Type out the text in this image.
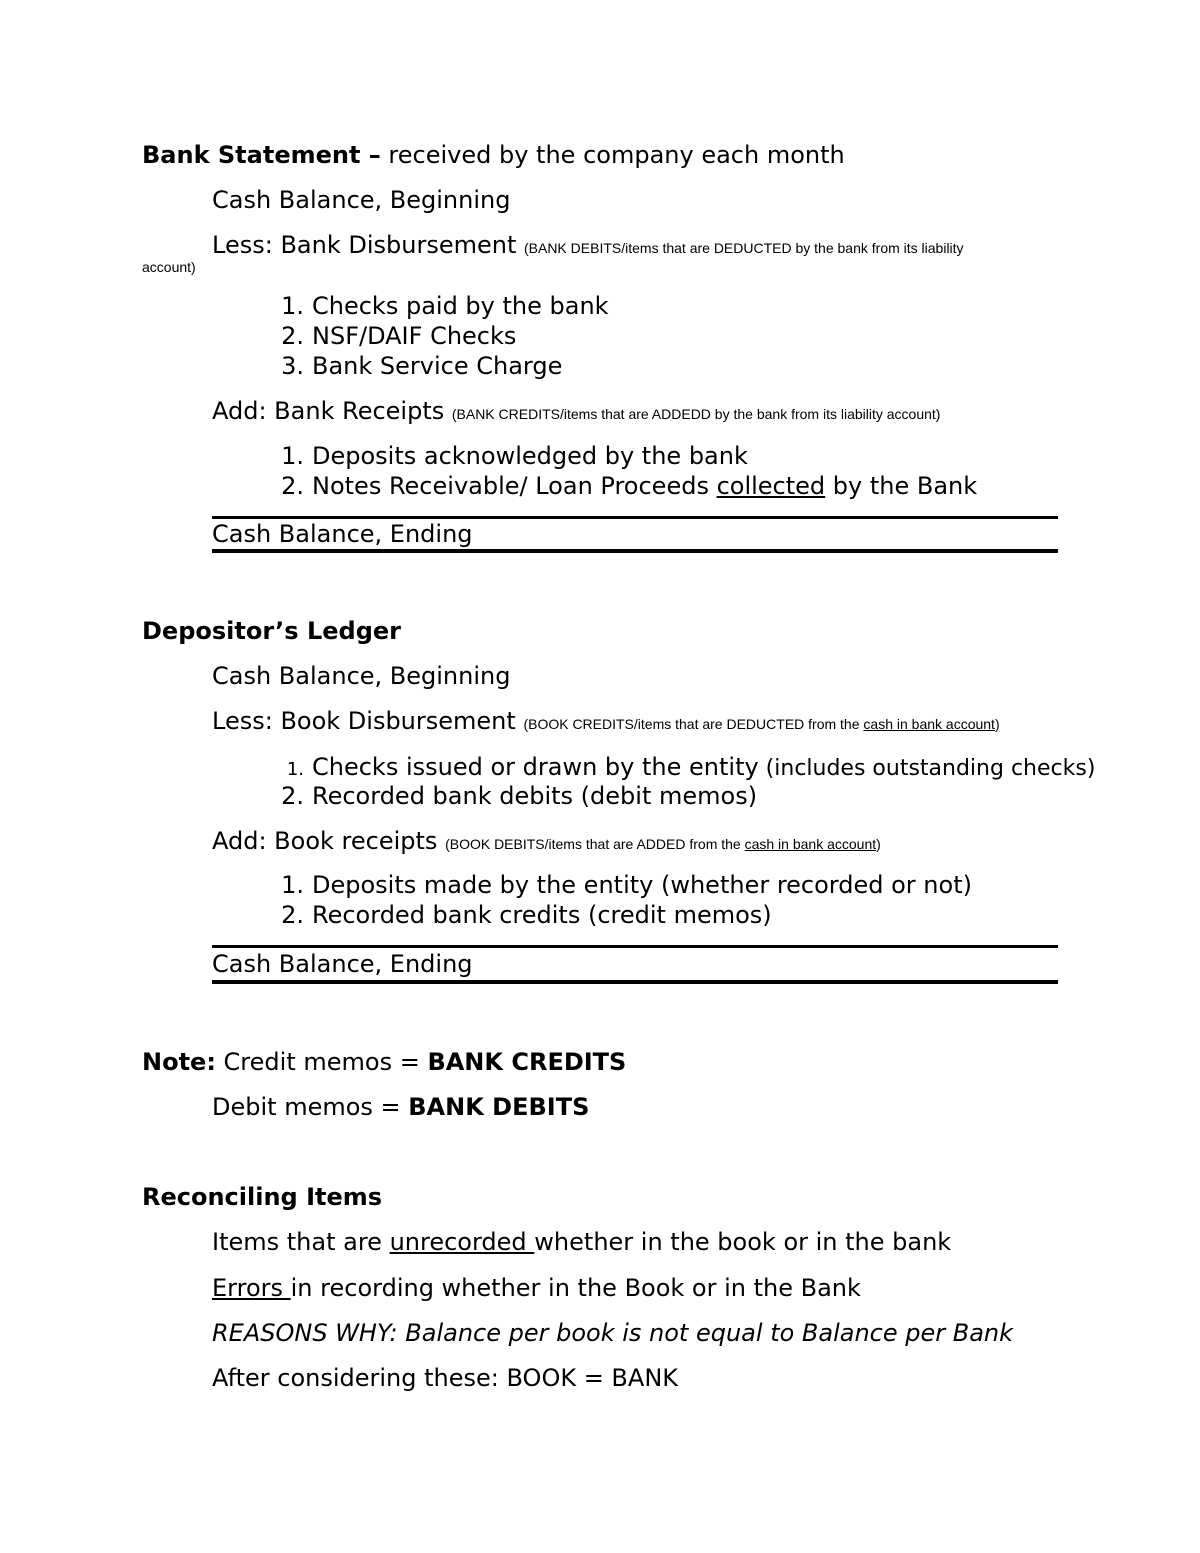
Bank Statement – received by the company each month
Cash Balance, Beginning
Less: Bank Disbursement (BANK DEBITS/items that are DEDUCTED by the bank from its liability
account)
1. Checks paid by the bank
2. NSF/DAIF Checks
3. Bank Service Charge
Add: Bank Receipts (BANK CREDITS/items that are ADDEDD by the bank from its liability account)
1. Deposits acknowledged by the bank
2. Notes Receivable/ Loan Proceeds collected by the Bank
Cash Balance, Ending
Depositor’s Ledger
Cash Balance, Beginning
Less: Book Disbursement (BOOK CREDITS/items that are DEDUCTED from the cash in bank account)
1. Checks issued or drawn by the entity (includes outstanding checks)
2. Recorded bank debits (debit memos)
Add: Book receipts (BOOK DEBITS/items that are ADDED from the cash in bank account)
1. Deposits made by the entity (whether recorded or not)
2. Recorded bank credits (credit memos)
Cash Balance, Ending
Note: Credit memos = BANK CREDITS
Debit memos = BANK DEBITS
Reconciling Items
Items that are unrecorded whether in the book or in the bank
Errors in recording whether in the Book or in the Bank
REASONS WHY: Balance per book is not equal to Balance per Bank
After considering these: BOOK = BANK
